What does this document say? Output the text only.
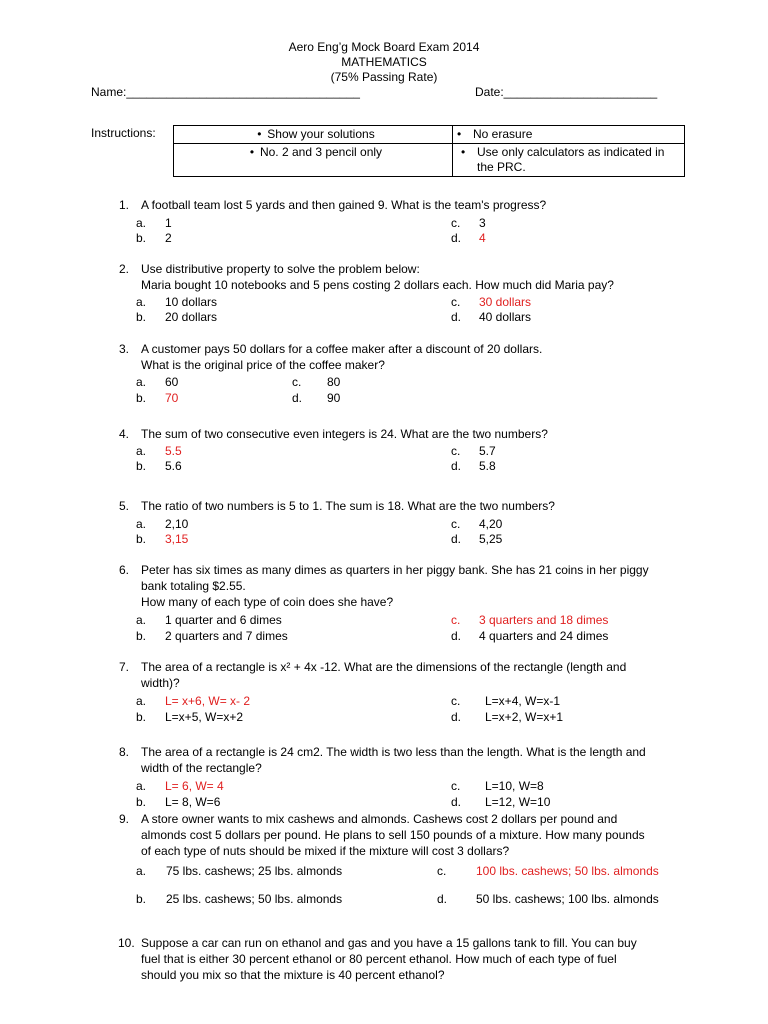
Aero Eng’g Mock Board Exam 2014
MATHEMATICS
(75% Passing Rate)
Name:___________________________________	Date:_______________________
Instructions:	• Show your solutions	• No erasure
• No. 2 and 3 pencil only	• Use only calculators as indicated in the PRC.
1. A football team lost 5 yards and then gained 9. What is the team's progress?
a. 1
b. 2
c. 3
d. 4
2. Use distributive property to solve the problem below:
Maria bought 10 notebooks and 5 pens costing 2 dollars each. How much did Maria pay?
a. 10 dollars
b. 20 dollars
c. 30 dollars
d. 40 dollars
3. A customer pays 50 dollars for a coffee maker after a discount of 20 dollars.
What is the original price of the coffee maker?
a. 60
b. 70
c. 80
d. 90
4. The sum of two consecutive even integers is 24. What are the two numbers?
a. 5.5
b. 5.6
c. 5.7
d. 5.8
5. The ratio of two numbers is 5 to 1. The sum is 18. What are the two numbers?
a. 2,10
b. 3,15
c. 4,20
d. 5,25
6. Peter has six times as many dimes as quarters in her piggy bank. She has 21 coins in her piggy
bank totaling $2.55.
How many of each type of coin does she have?
a. 1 quarter and 6 dimes
b. 2 quarters and 7 dimes
c. 3 quarters and 18 dimes
d. 4 quarters and 24 dimes
7. The area of a rectangle is x² + 4x -12. What are the dimensions of the rectangle (length and
width)?
a. L= x+6, W= x- 2
b. L=x+5, W=x+2
c. L=x+4, W=x-1
d. L=x+2, W=x+1
8. The area of a rectangle is 24 cm2. The width is two less than the length. What is the length and
width of the rectangle?
a. L= 6, W= 4
b. L= 8, W=6
c. L=10, W=8
d. L=12, W=10
9. A store owner wants to mix cashews and almonds. Cashews cost 2 dollars per pound and
almonds cost 5 dollars per pound. He plans to sell 150 pounds of a mixture. How many pounds
of each type of nuts should be mixed if the mixture will cost 3 dollars?
a. 75 lbs. cashews; 25 lbs. almonds
b. 25 lbs. cashews; 50 lbs. almonds
c. 100 lbs. cashews; 50 lbs. almonds
d. 50 lbs. cashews; 100 lbs. almonds
10. Suppose a car can run on ethanol and gas and you have a 15 gallons tank to fill. You can buy
fuel that is either 30 percent ethanol or 80 percent ethanol. How much of each type of fuel
should you mix so that the mixture is 40 percent ethanol?
